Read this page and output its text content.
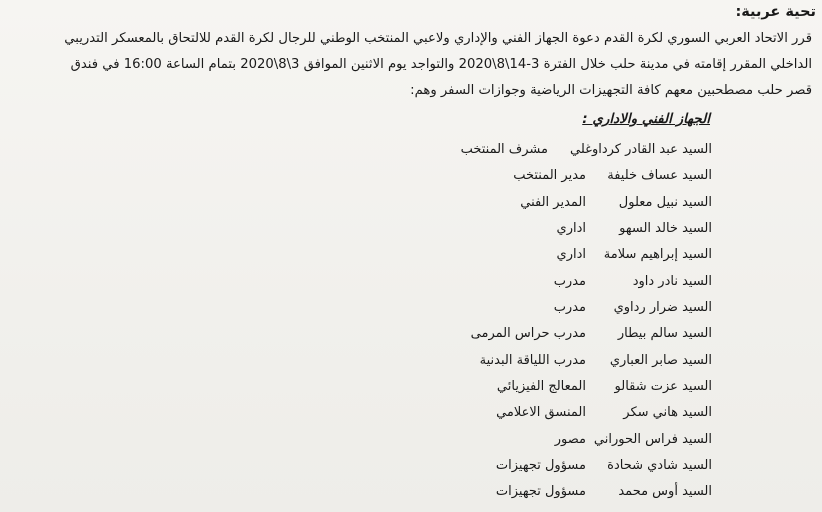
تحية عربية:
قرر الاتحاد العربي السوري لكرة القدم دعوة الجهاز الفني والإداري ولاعبي المنتخب الوطني للرجال لكرة القدم للالتحاق بالمعسكر التدريبي
الداخلي المقرر إقامته في مدينة حلب خلال الفترة 3-14\8\2020 والتواجد يوم الاثنين الموافق 3\8\2020 بتمام الساعة 16:00 في فندق
قصر حلب مصطحبين معهم كافة التجهيزات الرياضية وجوازات السفر وهم:
الجهاز الفني والاداري :
السيد عبد القادر كرداوغلي
مشرف المنتخب
السيد عساف خليفة
مدير المنتخب
السيد نبيل معلول
المدير الفني
السيد خالد السهو
اداري
السيد إبراهيم سلامة
اداري
السيد نادر داود
مدرب
السيد ضرار رداوي
مدرب
السيد سالم بيطار
مدرب حراس المرمى
السيد صابر العباري
مدرب اللياقة البدنية
السيد عزت شقالو
المعالج الفيزيائي
السيد هاني سكر
المنسق الاعلامي
السيد فراس الحوراني
مصور
السيد شادي شحادة
مسؤول تجهيزات
السيد أوس محمد
مسؤول تجهيزات
